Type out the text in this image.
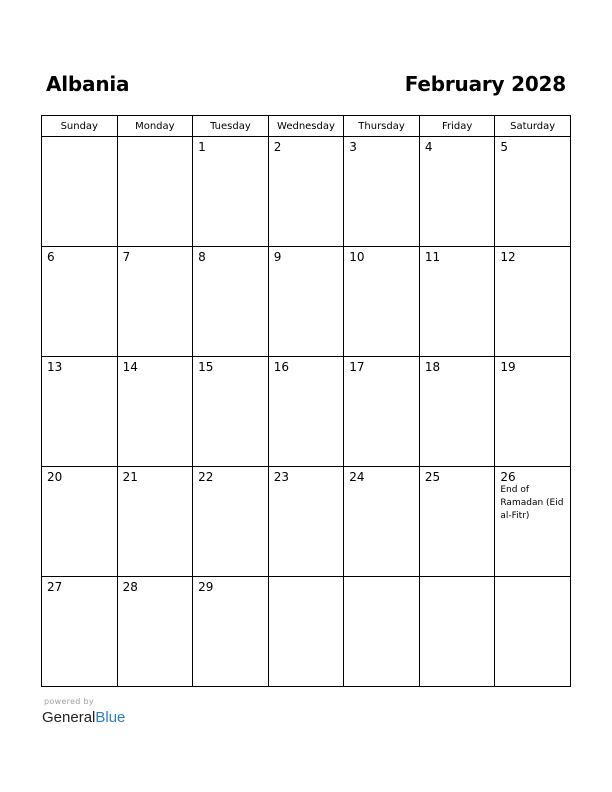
Albania	February 2028
Sunday	Monday	Tuesday	Wednesday	Thursday	Friday	Saturday

		1	2	3	4	5

6	7	8	9	10	11	12

13	14	15	16	17	18	19

20	21	22	23	24	25	26
End of Ramadan (Eid al-Fitr)

27	28	29				

powered by
GeneralBlue
